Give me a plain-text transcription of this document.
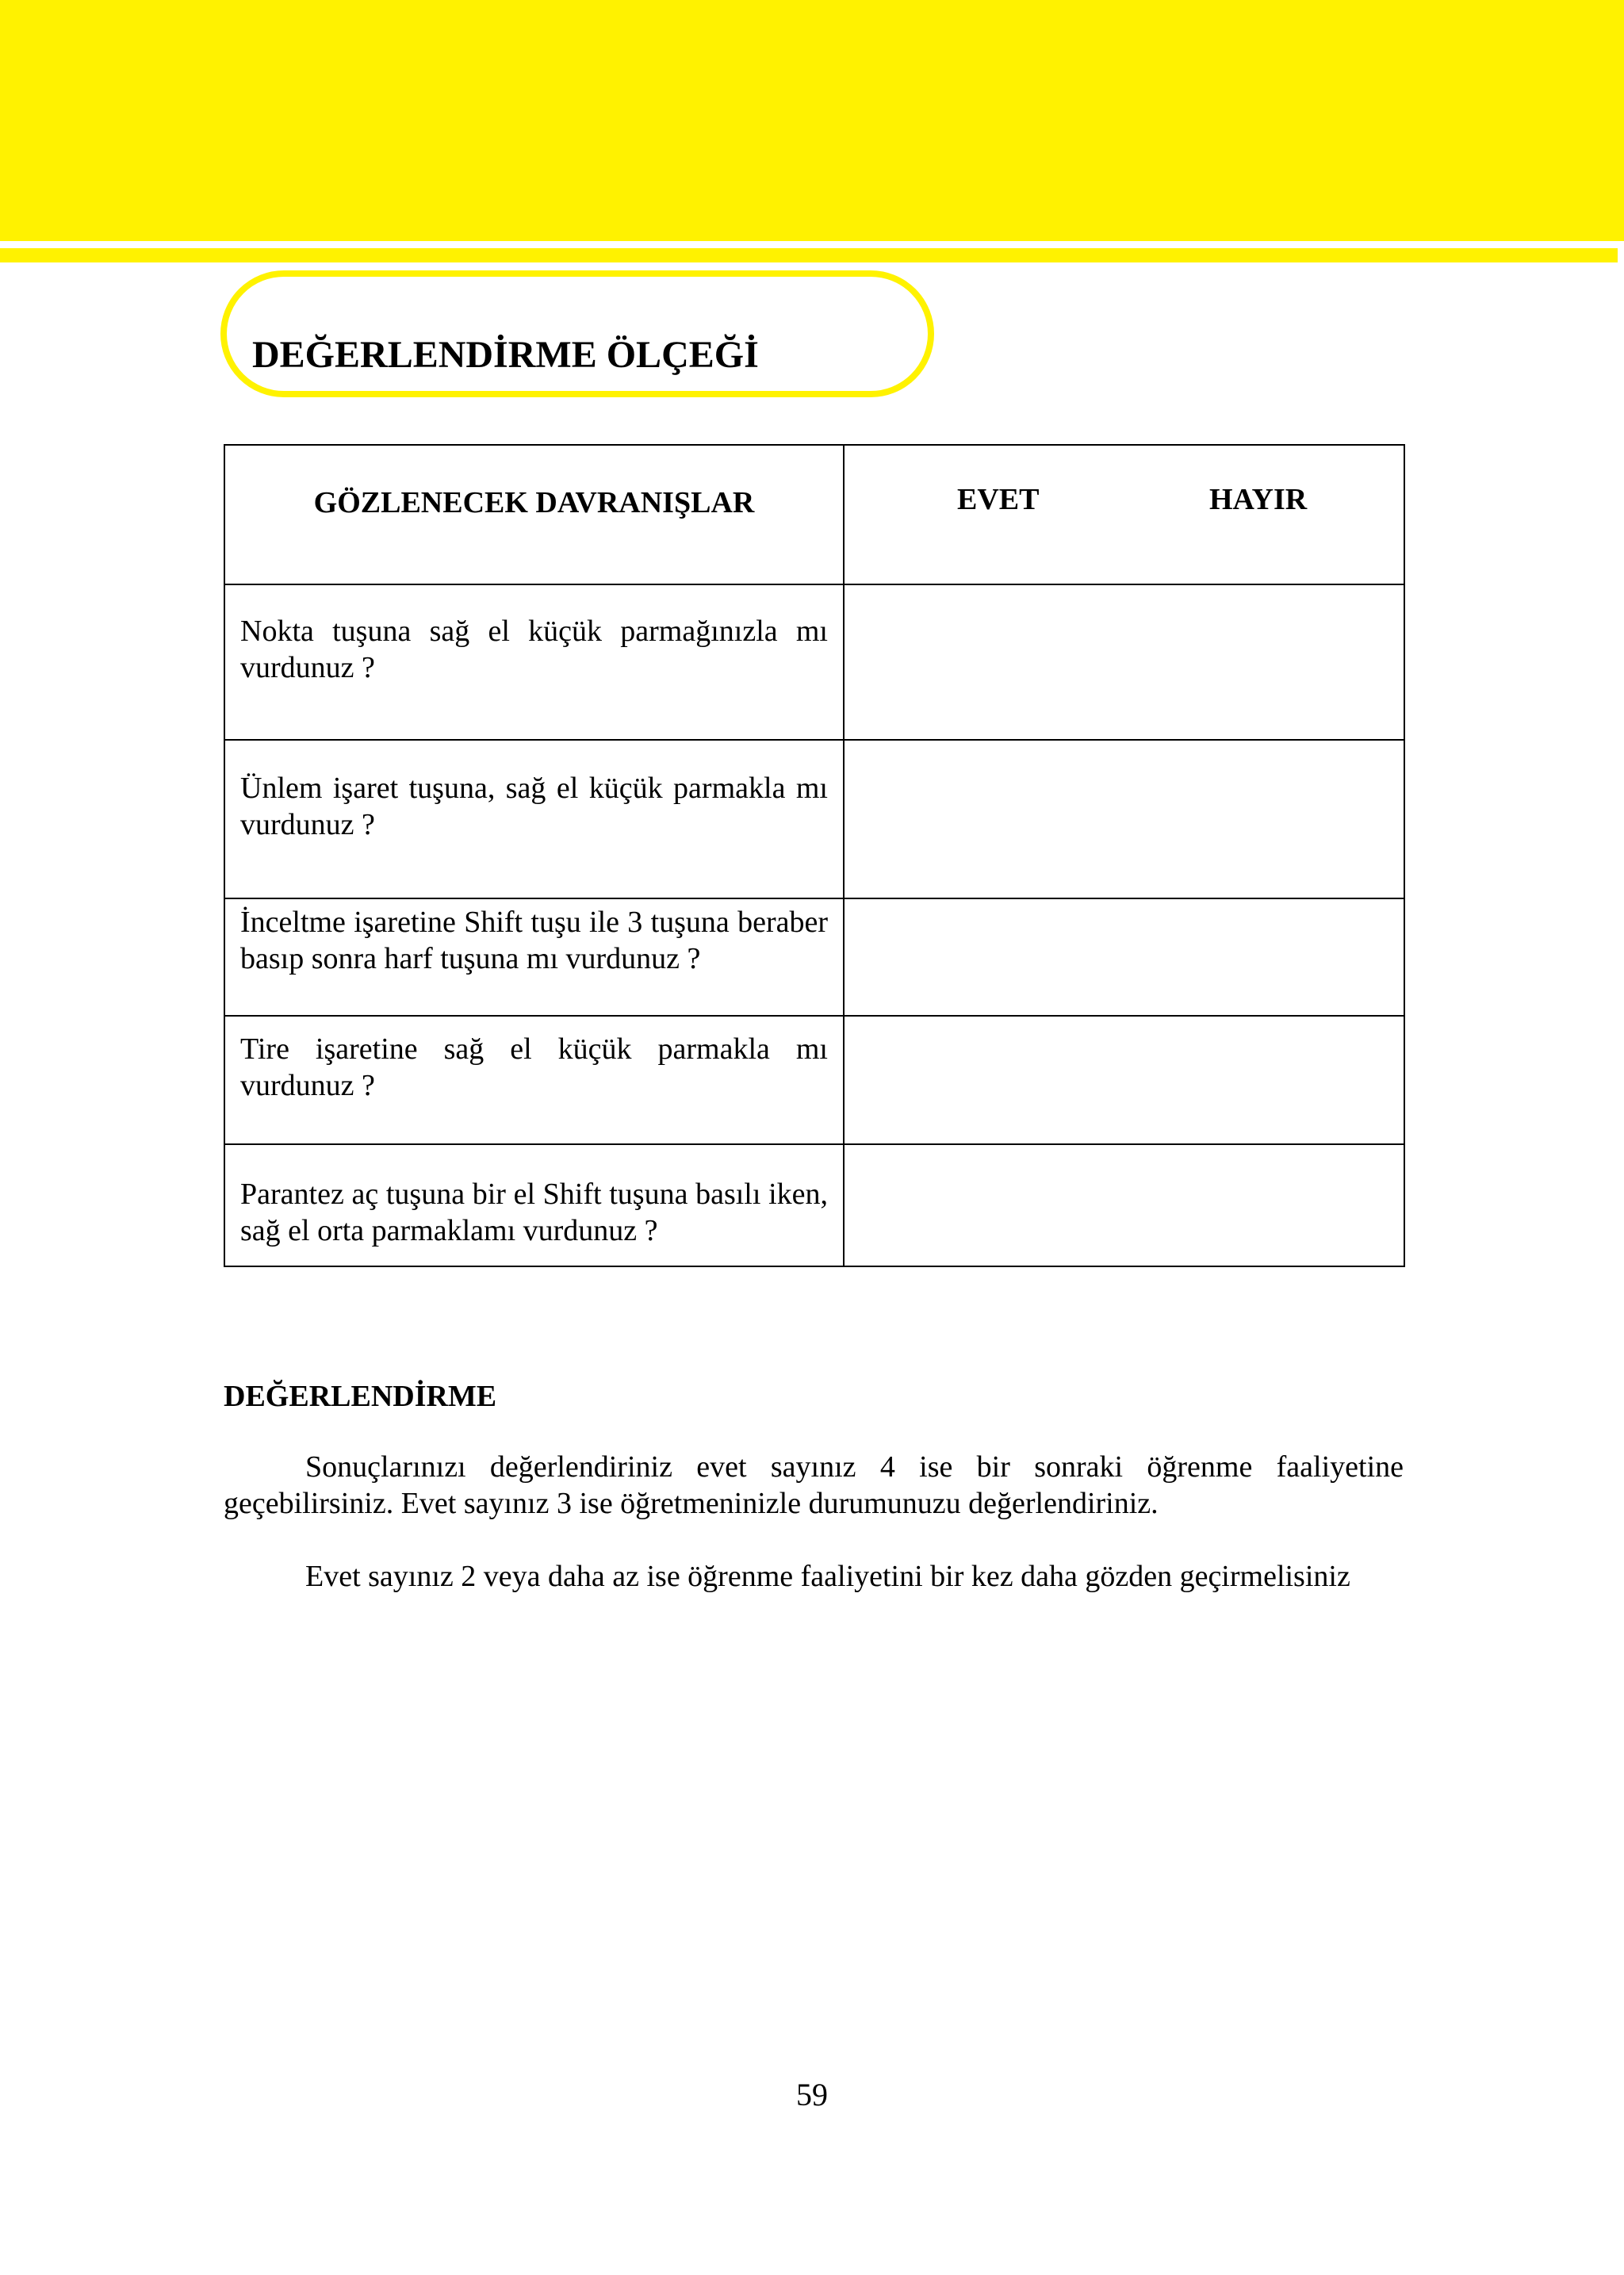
DEĞERLENDİRME ÖLÇEĞİ
GÖZLENECEK DAVRANIŞLAR	EVET HAYIR

Nokta tuşuna sağ el küçük parmağınızla mı vurdunuz ?	
Ünlem işaret tuşuna, sağ el küçük parmakla mı vurdunuz ?	
İnceltme işaretine Shift tuşu ile 3 tuşuna beraber basıp sonra harf tuşuna mı vurdunuz ?	
Tire işaretine sağ el küçük parmakla mı vurdunuz ?	
Parantez aç tuşuna bir el Shift tuşuna basılı iken, sağ el orta parmaklamı vurdunuz ?	
DEĞERLENDİRME

Sonuçlarınızı değerlendiriniz evet sayınız 4 ise bir sonraki öğrenme faaliyetine geçebilirsiniz. Evet sayınız 3 ise öğretmeninizle durumunuzu değerlendiriniz.

Evet sayınız 2 veya daha az ise öğrenme faaliyetini bir kez daha gözden geçirmelisiniz

59
